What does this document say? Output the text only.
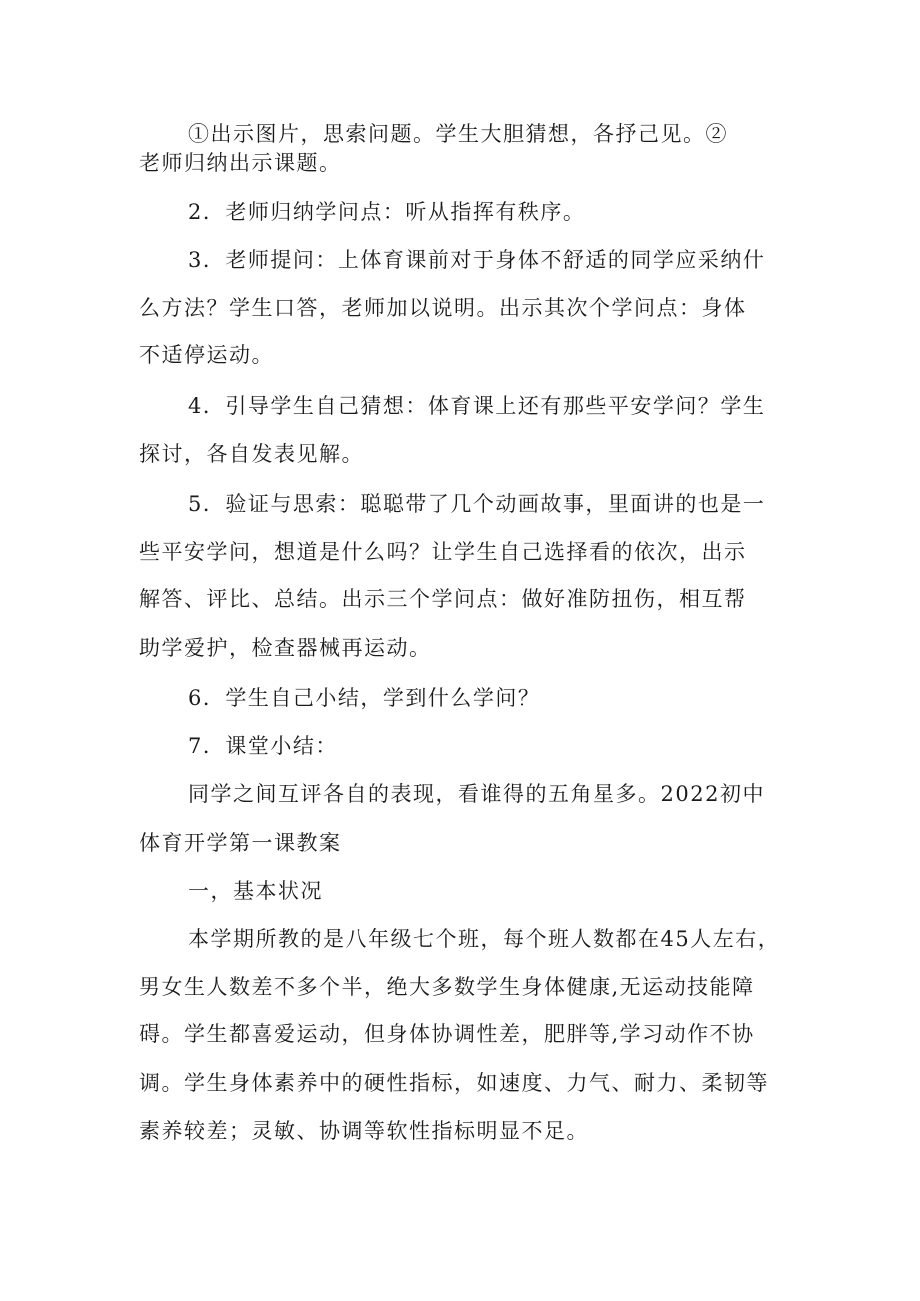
①出示图片，思索问题。学生大胆猜想，各抒己见。②
老师归纳出示课题。
2．老师归纳学问点：听从指挥有秩序。
3．老师提问：上体育课前对于身体不舒适的同学应采纳什
么方法？学生口答，老师加以说明。出示其次个学问点：身体
不适停运动。
4．引导学生自己猜想：体育课上还有那些平安学问？学生
探讨，各自发表见解。
5．验证与思索：聪聪带了几个动画故事，里面讲的也是一
些平安学问，想道是什么吗？让学生自己选择看的依次，出示
解答、评比、总结。出示三个学问点：做好准防扭伤，相互帮
助学爱护，检查器械再运动。
6．学生自己小结，学到什么学问？
7．课堂小结：
同学之间互评各自的表现，看谁得的五角星多。2022初中
体育开学第一课教案
一，基本状况
本学期所教的是八年级七个班，每个班人数都在45人左右，
男女生人数差不多个半，绝大多数学生身体健康,无运动技能障
碍。学生都喜爱运动，但身体协调性差，肥胖等,学习动作不协
调。学生身体素养中的硬性指标，如速度、力气、耐力、柔韧等
素养较差；灵敏、协调等软性指标明显不足。
